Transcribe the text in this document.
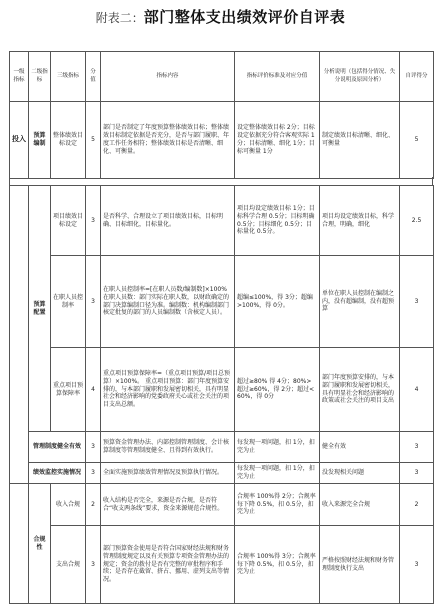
附表二：部门整体支出绩效评价自评表
一级指标	二级指标	三级指标	分值	指标内容	指标评价标准及对应分值	分析说明（包括得分情况、失分说明及原因分析）	自评得分
投入	预算编制	整体绩效目标设定	5	部门是否制定了年度预算整体绩效目标；整体绩效目标制定依据是否充分，是否与部门履职、年度工作任务相符；整体绩效目标是否清晰、细化、可衡量。	设定整体绩效目标 2分；目标设定依据充分符合客观实际 1分；目标清晰、细化 1分；目标可衡量 1分	制定绩效目标清晰、细化、可衡量	5
	预算配置	项目绩效目标设定	3	是否科学、合理设立了项目绩效目标，目标明确、目标细化，目标量化。	项目均设定绩效目标 1分；目标科学合理 0.5分；目标明确 0.5分；目标细化 0.5分；目标量化 0.5分。	项目均设定绩效目标，科学合理，明确，细化	2.5
		在职人员控制率	3	在职人员控制率=[在职人员数/编制数]×100% 在职人员数：部门实际在职人数，以财政确定的部门决算编制口径为准。编制数：机构编制部门核定批复的部门的人员编制数（含核定人员）。	超编≤100%，得 3分；超编>100%，得 0分。	单位在职人员控制在编制之内，没有超编制，没有超预算	3
		重点项目预算保障率	4	重点项目预算保障率=（重点项目预算/项目总预算）×100%。 重点项目预算：部门年度预算安排的，与本部门履职和发展密切相关，具有明显社会和经济影响的党委政府关心或社会关注的项目支出总额。	超过≥80% 得 4分；80%>超过≥60%，得 2分；超过<60%，得 0分	部门年度预算安排的，与本部门履职和发展密切相关，具有明显社会和经济影响的政策或社会关注的项目支出	4
	管理制度健全有效		3	预算资金管理办法、内部控制管理制度、会计核算制度等管理制度健全、且得到有效执行。	每发现一项问题，扣 1分，扣完为止	健全有效	3
	绩效监控实施情况		3	全面实施预算绩效管理情况及预算执行情况。	每发现一项问题，扣 1分，扣完为止	没发现相关问题	3
	合规性	收入合规	2	收入结构是否完全，来源是否合规，是否符合“收支两条线”要求，资金来源规范合规性。	合规率 100%得 2分；合规率每下降 0.5%，扣 0.5分，扣完为止	收入来源完全合规	2
		支出合规	3	部门预算资金使用是否符合国家财经法规和财务管理制度规定以及有关预算专项资金管理办法的规定；资金的拨付是否有完整的审批程序和手续；是否存在截留、挤占、挪用、虚列支出等情况。	合规率 100%得 3分；合规率每下降 0.5%，扣 0.5分，扣完为止	严格按照财经法规和财务管理制度执行支出	3
